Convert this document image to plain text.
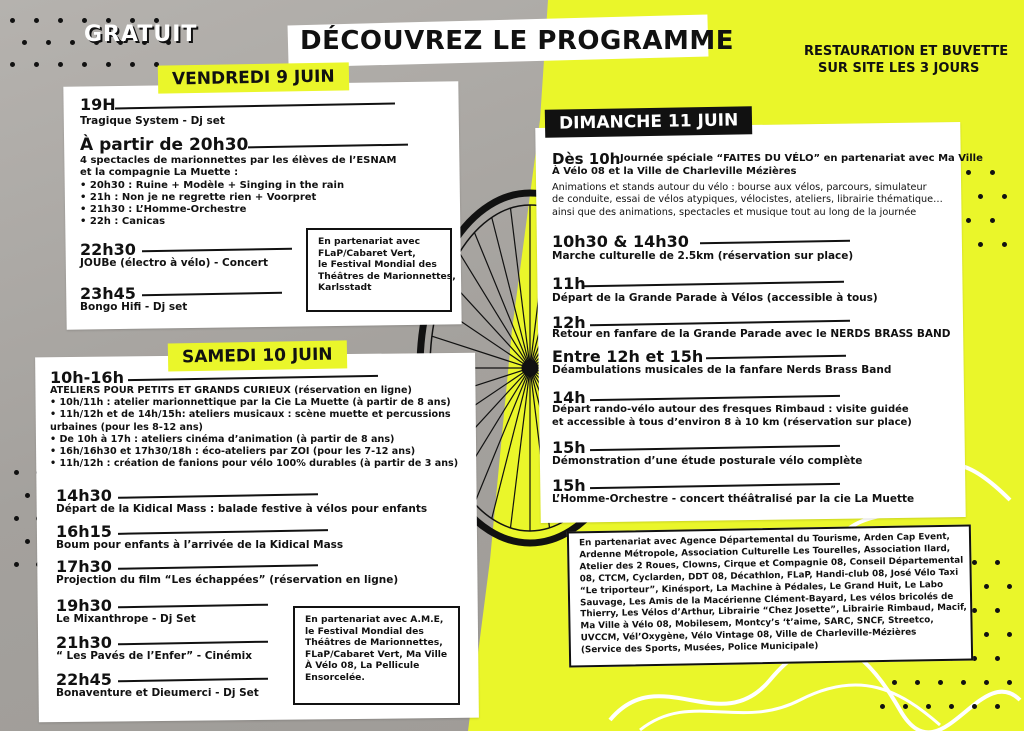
GRATUIT	DÉCOUVREZ LE PROGRAMME	RESTAURATION ET BUVETTE
SUR SITE LES 3 JOURS
VENDREDI 9 JUIN
19H
Tragique System - Dj set
À partir de 20h30
4 spectacles de marionnettes par les élèves de l’ESNAM
et la compagnie La Muette :
• 20h30 : Ruine + Modèle + Singing in the rain
• 21h : Non je ne regrette rien + Voorpret
• 21h30 : L’Homme-Orchestre
• 22h : Canicas
22h30
JOUBe (électro à vélo) - Concert
23h45
Bongo Hifi - Dj set
En partenariat avec
FLaP/Cabaret Vert,
le Festival Mondial des
Théâtres de Marionnettes,
Karlsstadt
SAMEDI 10 JUIN
10h-16h
ATELIERS POUR PETITS ET GRANDS CURIEUX (réservation en ligne)
• 10h/11h : atelier marionnettique par la Cie La Muette (à partir de 8 ans)
• 11h/12h et de 14h/15h: ateliers musicaux : scène muette et percussions
urbaines (pour les 8-12 ans)
• De 10h à 17h : ateliers cinéma d’animation (à partir de 8 ans)
• 16h/16h30 et 17h30/18h : éco-ateliers par ZOI (pour les 7-12 ans)
• 11h/12h : création de fanions pour vélo 100% durables (à partir de 3 ans)
14h30
Départ de la Kidical Mass : balade festive à vélos pour enfants
16h15
Boum pour enfants à l’arrivée de la Kidical Mass
17h30
Projection du film “Les échappées” (réservation en ligne)
19h30
Le Mixanthrope - Dj Set
21h30
“ Les Pavés de l’Enfer” - Cinémix
22h45
Bonaventure et Dieumerci - Dj Set
En partenariat avec A.M.E,
le Festival Mondial des
Théâtres de Marionnettes,
FLaP/Cabaret Vert, Ma Ville
À Vélo 08, La Pellicule
Ensorcelée.
DIMANCHE 11 JUIN
Dès 10h Journée spéciale “FAITES DU VÉLO” en partenariat avec Ma Ville
À Vélo 08 et la Ville de Charleville Mézières
Animations et stands autour du vélo : bourse aux vélos, parcours, simulateur
de conduite, essai de vélos atypiques, vélocistes, ateliers, librairie thématique…
ainsi que des animations, spectacles et musique tout au long de la journée
10h30 & 14h30
Marche culturelle de 2.5km (réservation sur place)
11h
Départ de la Grande Parade à Vélos (accessible à tous)
12h
Retour en fanfare de la Grande Parade avec le NERDS BRASS BAND
Entre 12h et 15h
Déambulations musicales de la fanfare Nerds Brass Band
14h
Départ rando-vélo autour des fresques Rimbaud : visite guidée
et accessible à tous d’environ 8 à 10 km (réservation sur place)
15h
Démonstration d’une étude posturale vélo complète
15h
L’Homme-Orchestre - concert théâtralisé par la cie La Muette
En partenariat avec Agence Départemental du Tourisme, Arden Cap Event,
Ardenne Métropole, Association Culturelle Les Tourelles, Association Ilard,
Atelier des 2 Roues, Clowns, Cirque et Compagnie 08, Conseil Départemental
08, CTCM, Cyclarden, DDT 08, Décathlon, FLaP, Handi-club 08, José Vélo Taxi
“Le triporteur”, Kinésport, La Machine à Pédales, Le Grand Huit, Le Labo
Sauvage, Les Amis de la Macérienne Clément-Bayard, Les vélos bricolés de
Thierry, Les Vélos d’Arthur, Librairie “Chez Josette”, Librairie Rimbaud, Macif,
Ma Ville à Vélo 08, Mobilesem, Montcy’s ‘t’aime, SARC, SNCF, Streetco,
UVCCM, Vél’Oxygène, Vélo Vintage 08, Ville de Charleville-Mézières
(Service des Sports, Musées, Police Municipale)
